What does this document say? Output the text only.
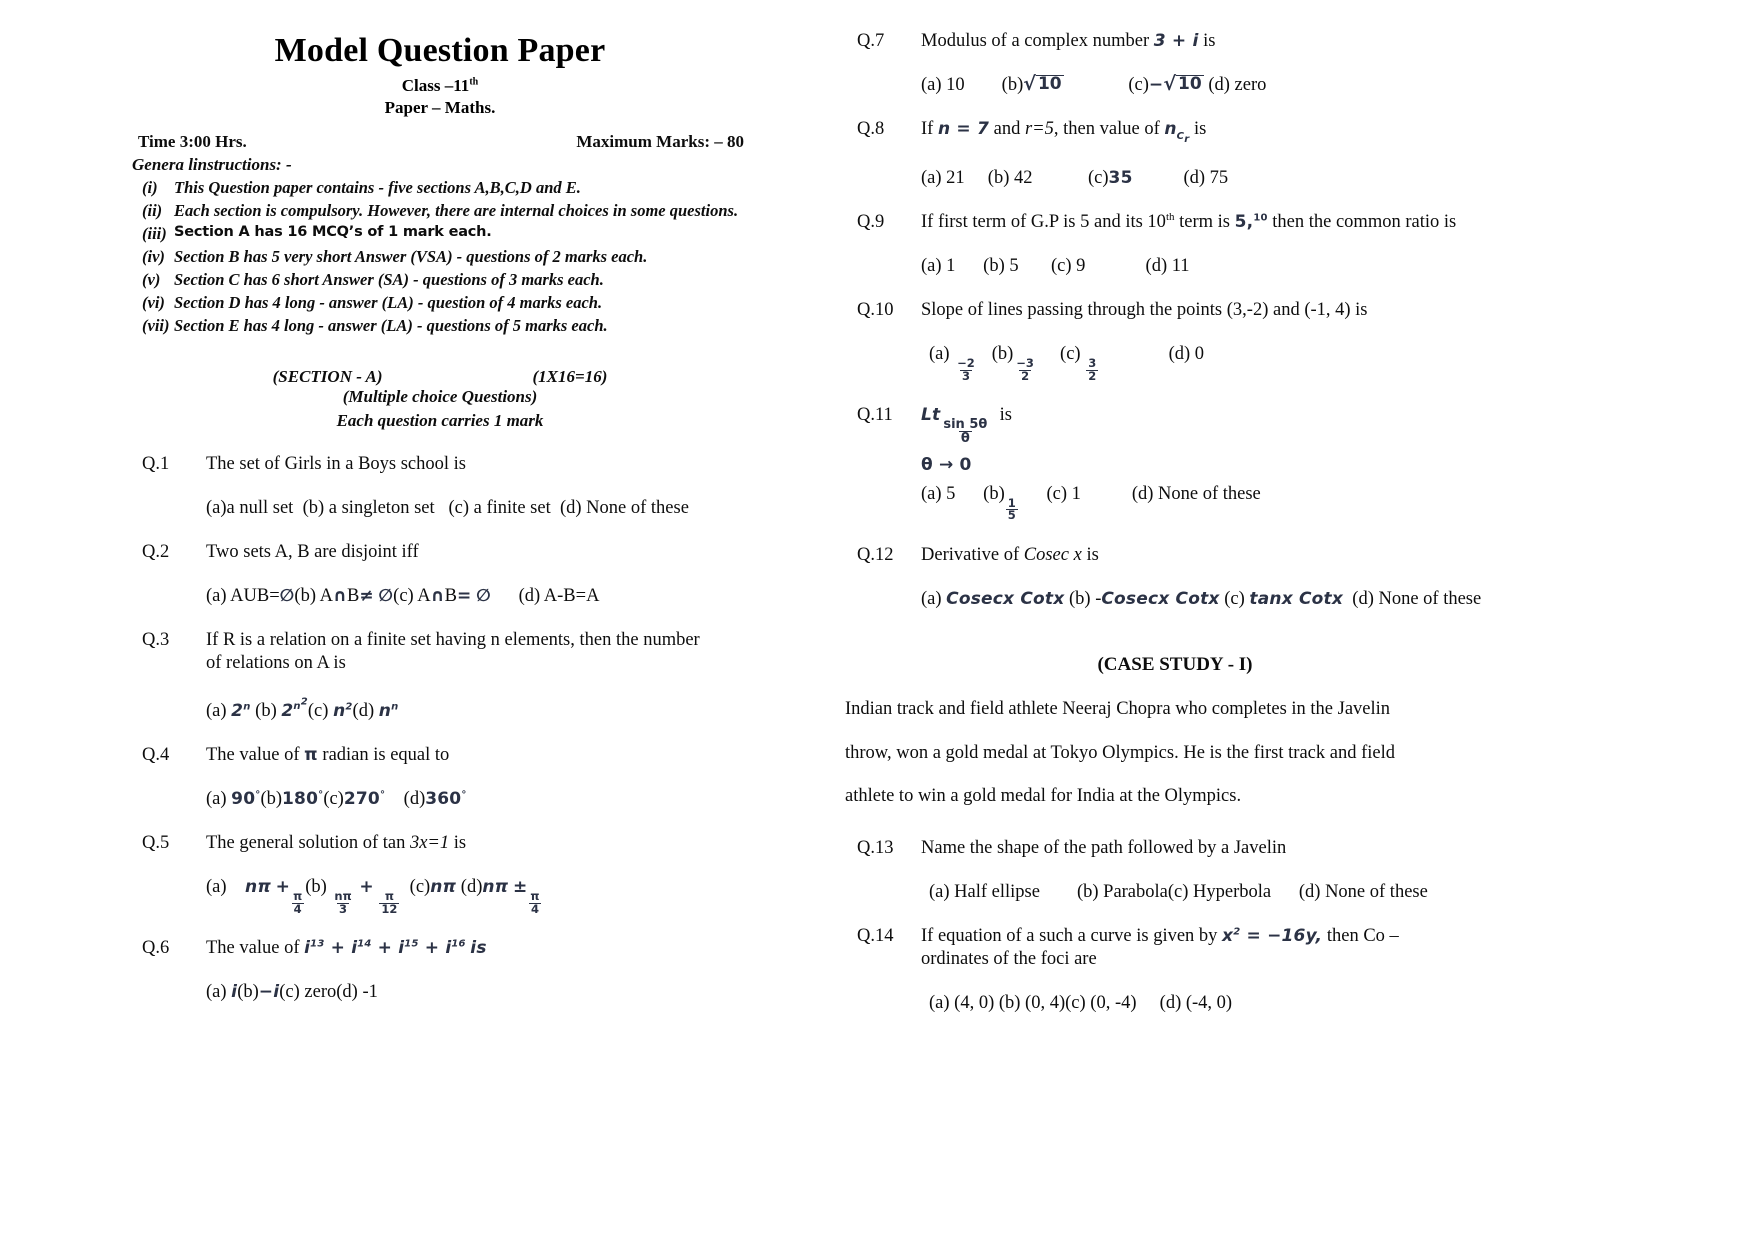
Model Question Paper
Class –11th
Paper – Maths.
Time 3:00 Hrs.	Maximum Marks: – 80
Genera linstructions: -
(i) This Question paper contains - five sections A,B,C,D and E.
(ii) Each section is compulsory. However, there are internal choices in some questions.
(iii) Section A has 16 MCQ’s of 1 mark each.
(iv) Section B has 5 very short Answer (VSA) - questions of 2 marks each.
(v) Section C has 6 short Answer (SA) - questions of 3 marks each.
(vi) Section D has 4 long - answer (LA) - question of 4 marks each.
(vii) Section E has 4 long - answer (LA) - questions of 5 marks each.
(SECTION - A)	(1X16=16)
(Multiple choice Questions)
Each question carries 1 mark
Q.1	The set of Girls in a Boys school is
(a)a null set (b) a singleton set (c) a finite set (d) None of these
Q.2	Two sets A, B are disjoint iff
(a) AUB=∅(b) A∩B≠ ∅(c) A∩B= ∅ (d) A-B=A
Q.3	If R is a relation on a finite set having n elements, then the number
of relations on A is
(a) 2$^n$ (b) $2^{n^2}(c)$ $n^2(d)$ $n^n$
Q.4	The value of π radian is equal to
(a) 90°(b)180°(c)270° (d)360°
Q.5	The general solution of tan 3x=1 is
(a) nπ +
$\frac{\pi}{4}$
(b)
$\frac{n\pi}{3}$
+
$\frac{\pi}{12}$
(c)nπ (d)nπ ±
$\frac{\pi}{4}$
Q.6	The value of $i^{13} + i^{14} + i^{15} + i^{16}$ is
(a) i(b)−i(c) zero(d) -1
Q.7	Modulus of a complex number 3 + i is
(a) 10 (b) √ 10	(c)− √ 10 (d) zero
Q.8	If n = 7 and r=5, then value of $n_{C_r}$ is
(a) 21 (b) 42	(c)35	(d) 75
Q.9	If first term of G.P is 5 and its 10th term is 5,10 then the common ratio is
(a) 1 (b) 5 (c) 9	(d) 11
Q.10	Slope of lines passing through the points (3,-2) and (-1, 4) is
(a)
$\frac{-2}{3}$
(b)
$\frac{-3}{2}$
(c)
$\frac{3}{2}$
(d) 0
Q.11	Lt
$\frac{\sin 5\theta}{\theta}$
is
θ → 0
(a) 5 (b)
$\frac{1}{5}$
(c) 1	(d) None of these
Q.12	Derivative of Cosec x is
(a) Cosecx Cotx (b) -Cosecx Cotx (c) tanx Cotx (d) None of these
(CASE STUDY - I)
Indian track and field athlete Neeraj Chopra who completes in the Javelin
throw, won a gold medal at Tokyo Olympics. He is the first track and field
athlete to win a gold medal for India at the Olympics.
Q.13	Name the shape of the path followed by a Javelin
(a) Half ellipse (b) Parabola(c) Hyperbola (d) None of these
Q.14	If equation of a such a curve is given by $x^2 = -16y$, then Co –
ordinates of the foci are
(a) (4, 0) (b) (0, 4)(c) (0, -4) (d) (-4, 0)
